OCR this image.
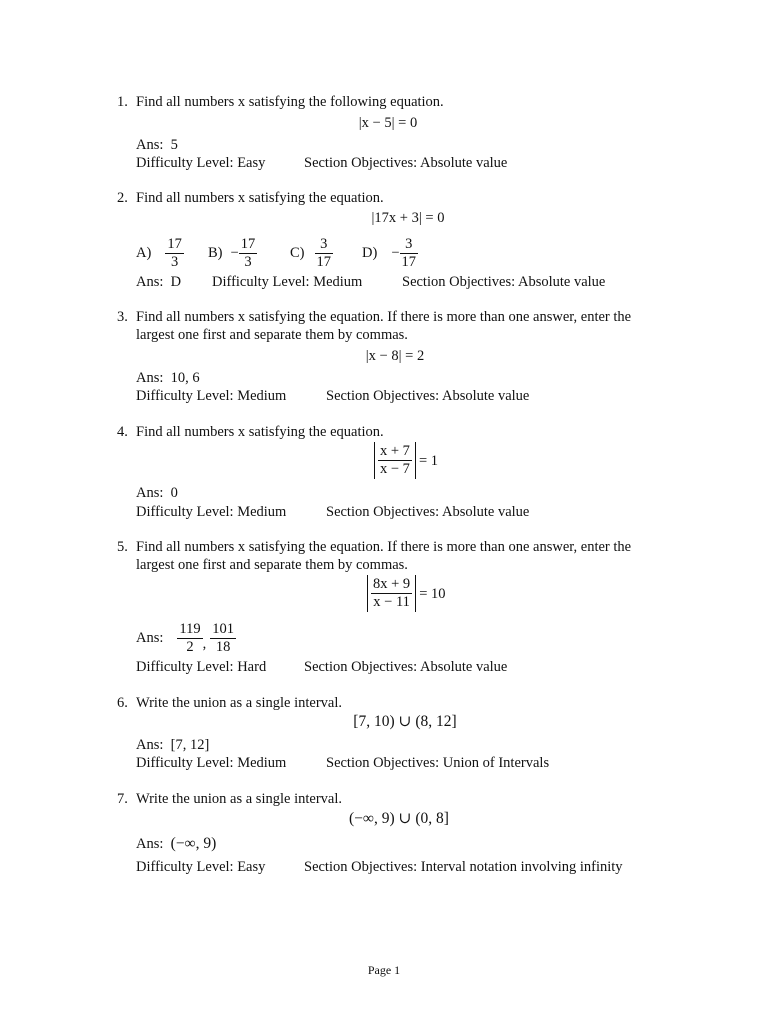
1. Find all numbers x satisfying the following equation.
|x − 5| = 0
Ans: 5
Difficulty Level: Easy	Section Objectives: Absolute value
2. Find all numbers x satisfying the equation.
|17x + 3| = 0
$A) \frac{17}{3} B) - \frac{17}{3} C) \frac{3}{17} D) - \frac{3}{17}$
Ans: D Difficulty Level: Medium	Section Objectives: Absolute value
3. Find all numbers x satisfying the equation. If there is more than one answer, enter the
largest one first and separate them by commas.
|x − 8| = 2
Ans: 10, 6
Difficulty Level: Medium	Section Objectives: Absolute value
4. Find all numbers x satisfying the equation.
$\frac{x + 7}{x - 7} = 1$
Ans: 0
Difficulty Level: Medium	Section Objectives: Absolute value
5. Find all numbers x satisfying the equation. If there is more than one answer, enter the
largest one first and separate them by commas.
$\frac{8x + 9}{x - 11} = 10$
Ans: $\frac{119}{2}$ , $\frac{101}{18}$
Difficulty Level: Hard	Section Objectives: Absolute value
6. Write the union as a single interval.
[7, 10) ∪ (8, 12]
Ans: [7, 12]
Difficulty Level: Medium	Section Objectives: Union of Intervals
7. Write the union as a single interval.
(−∞, 9) ∪ (0, 8]
Ans: (−∞, 9)
Difficulty Level: Easy	Section Objectives: Interval notation involving infinity
Page 1
